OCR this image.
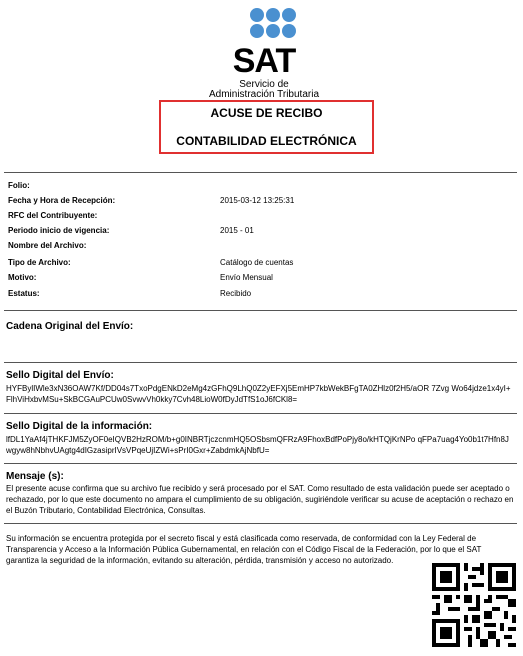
SAT
Servicio de Administración Tributaria
ACUSE DE RECIBO
CONTABILIDAD ELECTRÓNICA
Folio:
Fecha y Hora de Recepción:	2015-03-12 13:25:31
RFC del Contribuyente:
Periodo inicio de vigencia:	2015 - 01
Nombre del Archivo:
Tipo de Archivo:	Catálogo de cuentas
Motivo:	Envío Mensual
Estatus:	Recibido
Cadena Original del Envío:
Sello Digital del Envío:
HYFBylIWle3xN36OAW7Kf/DD04s7TxoPdgENkD2eMg4zGFhQ9LhQ0Z2yEFXj5EmHP7kbWekBFgTA0ZHlz0f2H5/aOR 7Zvg Wo64jdze1x4yI+FlhViHxbvMSu+SkBCGAuPCUw0SvwvVh0kky7Cvh48LioW0fDyJdTfS1oJ6fCKl8=
Sello Digital de la información:
lfDL1YaAf4jTHKFJM5ZyOF0eIQVB2HzROM/b+g0INBRTjczcnmHQ5OSbsmQFRzA9FhoxBdfPoPjy8o/kHTQjKrNPo qFPa7uag4Yo0b1t7Hfn8Jwgyw8hNbhvUAgtg4dIGzasiprIVsVPqeUjIZWi+sPrI0Gxr+ZabdmkAjNbfU=
Mensaje (s):
El presente acuse confirma que su archivo fue recibido y será procesado por el SAT. Como resultado de esta validación puede ser aceptado o rechazado, por lo que este documento no ampara el cumplimiento de su obligación, sugiriéndole verificar su acuse de aceptación o rechazo en el Buzón Tributario, Contabilidad Electrónica, Consultas.
Su información se encuentra protegida por el secreto fiscal y está clasificada como reservada, de conformidad con la Ley Federal de Transparencia y Acceso a la Información Pública Gubernamental, en relación con el Código Fiscal de la Federación, por lo que el SAT garantiza la seguridad de la información, evitando su alteración, pérdida, transmisión y acceso no autorizado.
